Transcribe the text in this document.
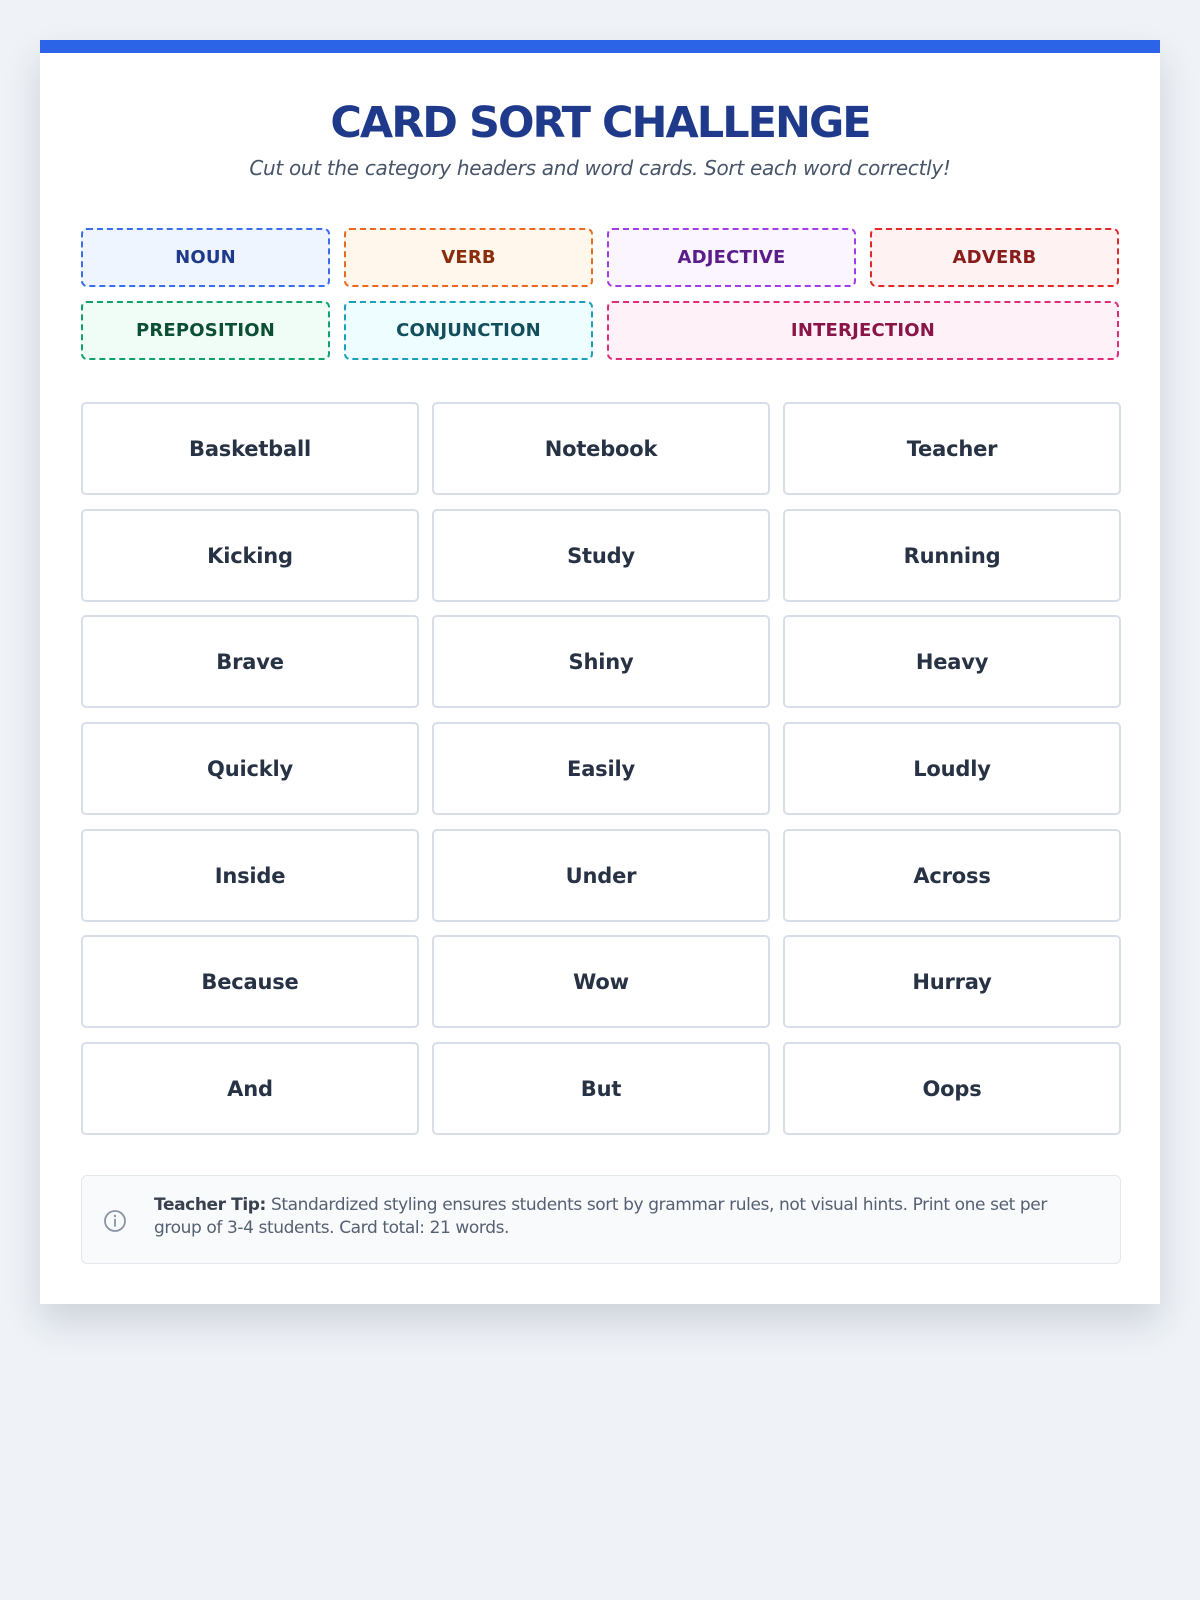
CARD SORT CHALLENGE
Cut out the category headers and word cards. Sort each word correctly!
NOUN	VERB	ADJECTIVE	ADVERB
PREPOSITION	CONJUNCTION	INTERJECTION
Basketball	Notebook	Teacher
Kicking	Study	Running
Brave	Shiny	Heavy
Quickly	Easily	Loudly
Inside	Under	Across
Because	Wow	Hurray
And	But	Oops
Teacher Tip: Standardized styling ensures students sort by grammar rules, not visual hints. Print one set per group of 3-4 students. Card total: 21 words.
